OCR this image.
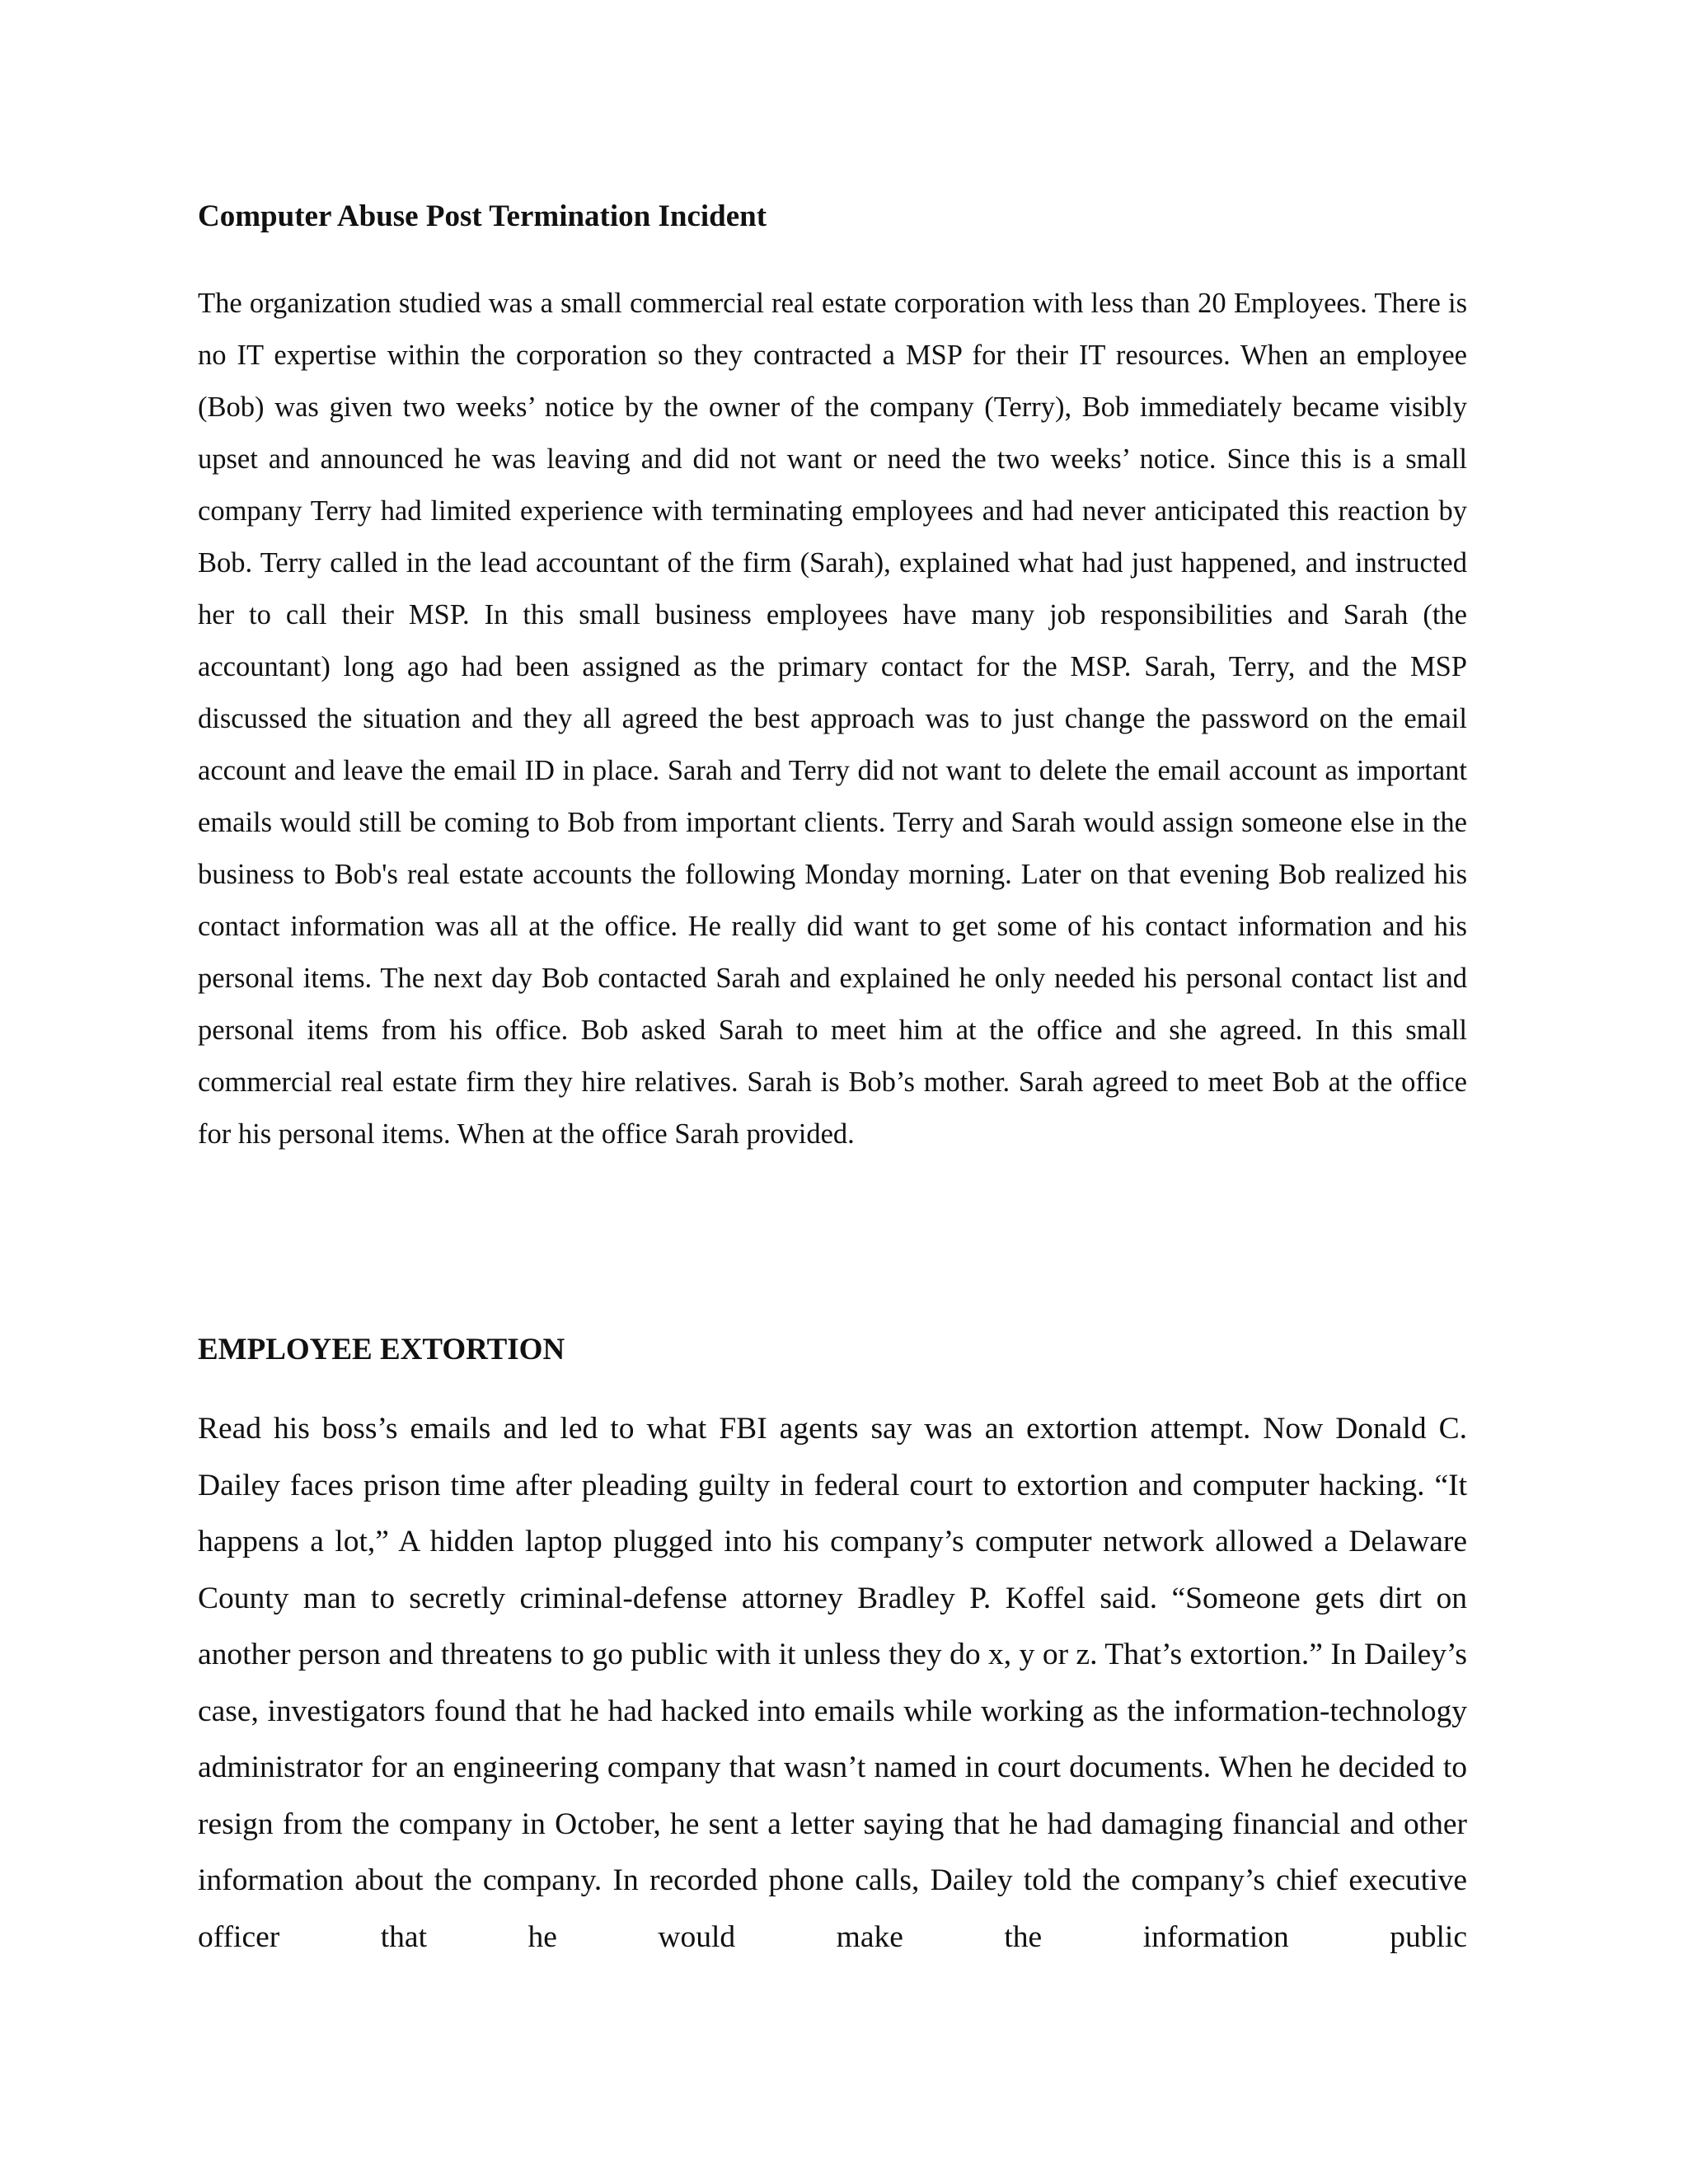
Computer Abuse Post Termination Incident

The organization studied was a small commercial real estate corporation with less than 20 Employees. There is no IT expertise within the corporation so they contracted a MSP for their IT resources. When an employee (Bob) was given two weeks’ notice by the owner of the company (Terry), Bob immediately became visibly upset and announced he was leaving and did not want or need the two weeks’ notice. Since this is a small company Terry had limited experience with terminating employees and had never anticipated this reaction by Bob. Terry called in the lead accountant of the firm (Sarah), explained what had just happened, and instructed her to call their MSP. In this small business employees have many job responsibilities and Sarah (the accountant) long ago had been assigned as the primary contact for the MSP. Sarah, Terry, and the MSP discussed the situation and they all agreed the best approach was to just change the password on the email account and leave the email ID in place. Sarah and Terry did not want to delete the email account as important emails would still be coming to Bob from important clients. Terry and Sarah would assign someone else in the business to Bob's real estate accounts the following Monday morning. Later on that evening Bob realized his contact information was all at the office. He really did want to get some of his contact information and his personal items. The next day Bob contacted Sarah and explained he only needed his personal contact list and personal items from his office. Bob asked Sarah to meet him at the office and she agreed. In this small commercial real estate firm they hire relatives. Sarah is Bob’s mother. Sarah agreed to meet Bob at the office for his personal items. When at the office Sarah provided.

EMPLOYEE EXTORTION

Read his boss’s emails and led to what FBI agents say was an extortion attempt. Now Donald C. Dailey faces prison time after pleading guilty in federal court to extortion and computer hacking. “It happens a lot,” A hidden laptop plugged into his company’s computer network allowed a Delaware County man to secretly criminal-defense attorney Bradley P. Koffel said. “Someone gets dirt on another person and threatens to go public with it unless they do x, y or z. That’s extortion.” In Dailey’s case, investigators found that he had hacked into emails while working as the information-technology administrator for an engineering company that wasn’t named in court documents. When he decided to resign from the company in October, he sent a letter saying that he had damaging financial and other information about the company. In recorded phone calls, Dailey told the company’s chief executive officer that he would make the information public
